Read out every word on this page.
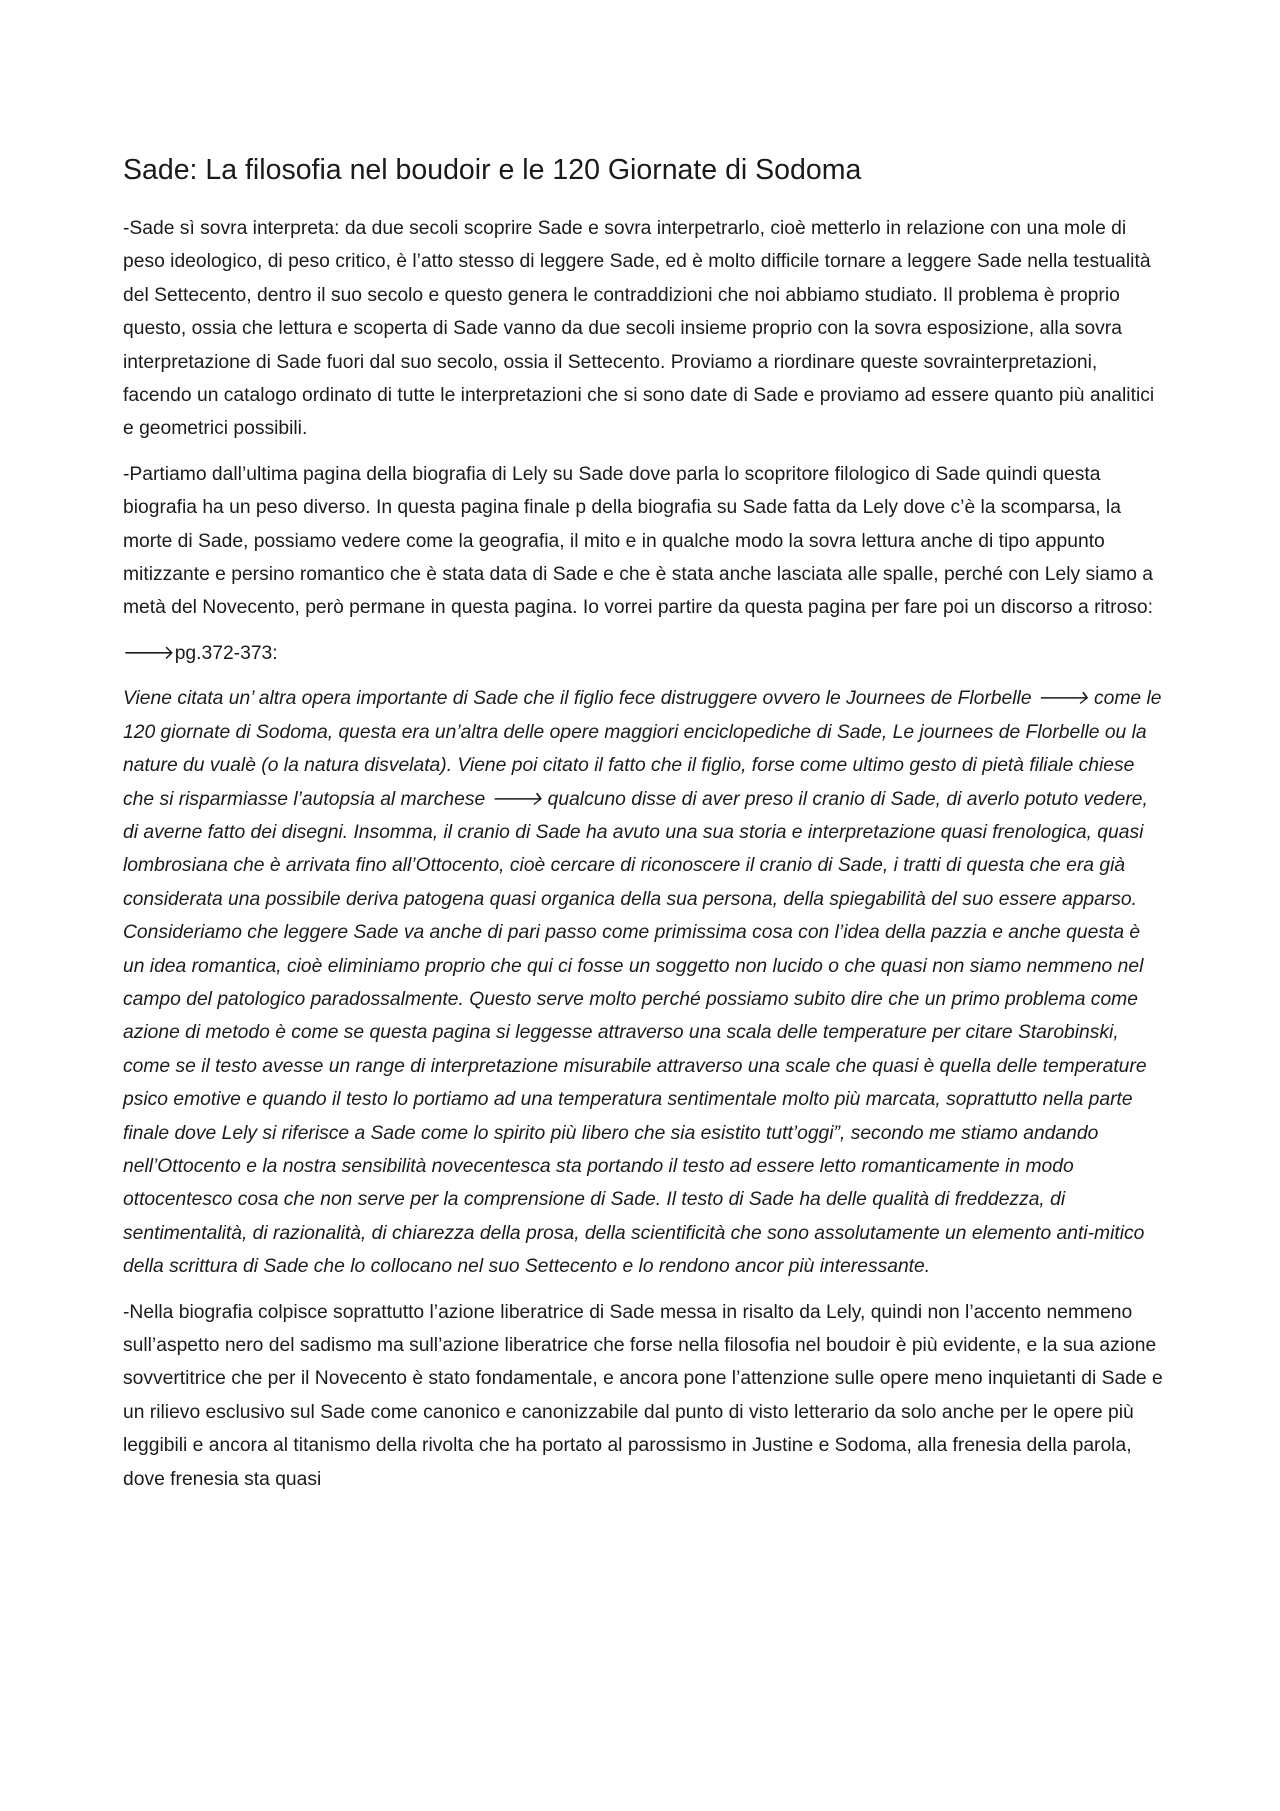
Sade: La filosofia nel boudoir e le 120 Giornate di Sodoma

-Sade sì sovra interpreta: da due secoli scoprire Sade e sovra interpetrarlo, cioè metterlo in relazione con una mole di peso ideologico, di peso critico, è l’atto stesso di leggere Sade, ed è molto difficile tornare a leggere Sade nella testualità del Settecento, dentro il suo secolo e questo genera le contraddizioni che noi abbiamo studiato. Il problema è proprio questo, ossia che lettura e scoperta di Sade vanno da due secoli insieme proprio con la sovra esposizione, alla sovra interpretazione di Sade fuori dal suo secolo, ossia il Settecento. Proviamo a riordinare queste sovrainterpretazioni, facendo un catalogo ordinato di tutte le interpretazioni che si sono date di Sade e proviamo ad essere quanto più analitici e geometrici possibili.

-Partiamo dall’ultima pagina della biografia di Lely su Sade dove parla lo scopritore filologico di Sade quindi questa biografia ha un peso diverso. In questa pagina finale p della biografia su Sade fatta da Lely dove c’è la scomparsa, la morte di Sade, possiamo vedere come la geografia, il mito e in qualche modo la sovra lettura anche di tipo appunto mitizzante e persino romantico che è stata data di Sade e che è stata anche lasciata alle spalle, perché con Lely siamo a metà del Novecento, però permane in questa pagina. Io vorrei partire da questa pagina per fare poi un discorso a ritroso:

🡒pg.372-373:

Viene citata un’ altra opera importante di Sade che il figlio fece distruggere ovvero le Journees de Florbelle 🡒 come le 120 giornate di Sodoma, questa era un’altra delle opere maggiori enciclopediche di Sade, Le journees de Florbelle ou la nature du vualè (o la natura disvelata). Viene poi citato il fatto che il figlio, forse come ultimo gesto di pietà filiale chiese che si risparmiasse l’autopsia al marchese 🡒 qualcuno disse di aver preso il cranio di Sade, di averlo potuto vedere, di averne fatto dei disegni. Insomma, il cranio di Sade ha avuto una sua storia e interpretazione quasi frenologica, quasi lombrosiana che è arrivata fino all’Ottocento, cioè cercare di riconoscere il cranio di Sade, i tratti di questa che era già considerata una possibile deriva patogena quasi organica della sua persona, della spiegabilità del suo essere apparso. Consideriamo che leggere Sade va anche di pari passo come primissima cosa con l’idea della pazzia e anche questa è un idea romantica, cioè eliminiamo proprio che qui ci fosse un soggetto non lucido o che quasi non siamo nemmeno nel campo del patologico paradossalmente. Questo serve molto perché possiamo subito dire che un primo problema come azione di metodo è come se questa pagina si leggesse attraverso una scala delle temperature per citare Starobinski, come se il testo avesse un range di interpretazione misurabile attraverso una scale che quasi è quella delle temperature psico emotive e quando il testo lo portiamo ad una temperatura sentimentale molto più marcata, soprattutto nella parte finale dove Lely si riferisce a Sade come lo spirito più libero che sia esistito tutt’oggi”, secondo me stiamo andando nell’Ottocento e la nostra sensibilità novecentesca sta portando il testo ad essere letto romanticamente in modo ottocentesco cosa che non serve per la comprensione di Sade. Il testo di Sade ha delle qualità di freddezza, di sentimentalità, di razionalità, di chiarezza della prosa, della scientificità che sono assolutamente un elemento anti-mitico della scrittura di Sade che lo collocano nel suo Settecento e lo rendono ancor più interessante.

-Nella biografia colpisce soprattutto l’azione liberatrice di Sade messa in risalto da Lely, quindi non l’accento nemmeno sull’aspetto nero del sadismo ma sull’azione liberatrice che forse nella filosofia nel boudoir è più evidente, e la sua azione sovvertitrice che per il Novecento è stato fondamentale, e ancora pone l’attenzione sulle opere meno inquietanti di Sade e un rilievo esclusivo sul Sade come canonico e canonizzabile dal punto di visto letterario da solo anche per le opere più leggibili e ancora al titanismo della rivolta che ha portato al parossismo in Justine e Sodoma, alla frenesia della parola, dove frenesia sta quasi
